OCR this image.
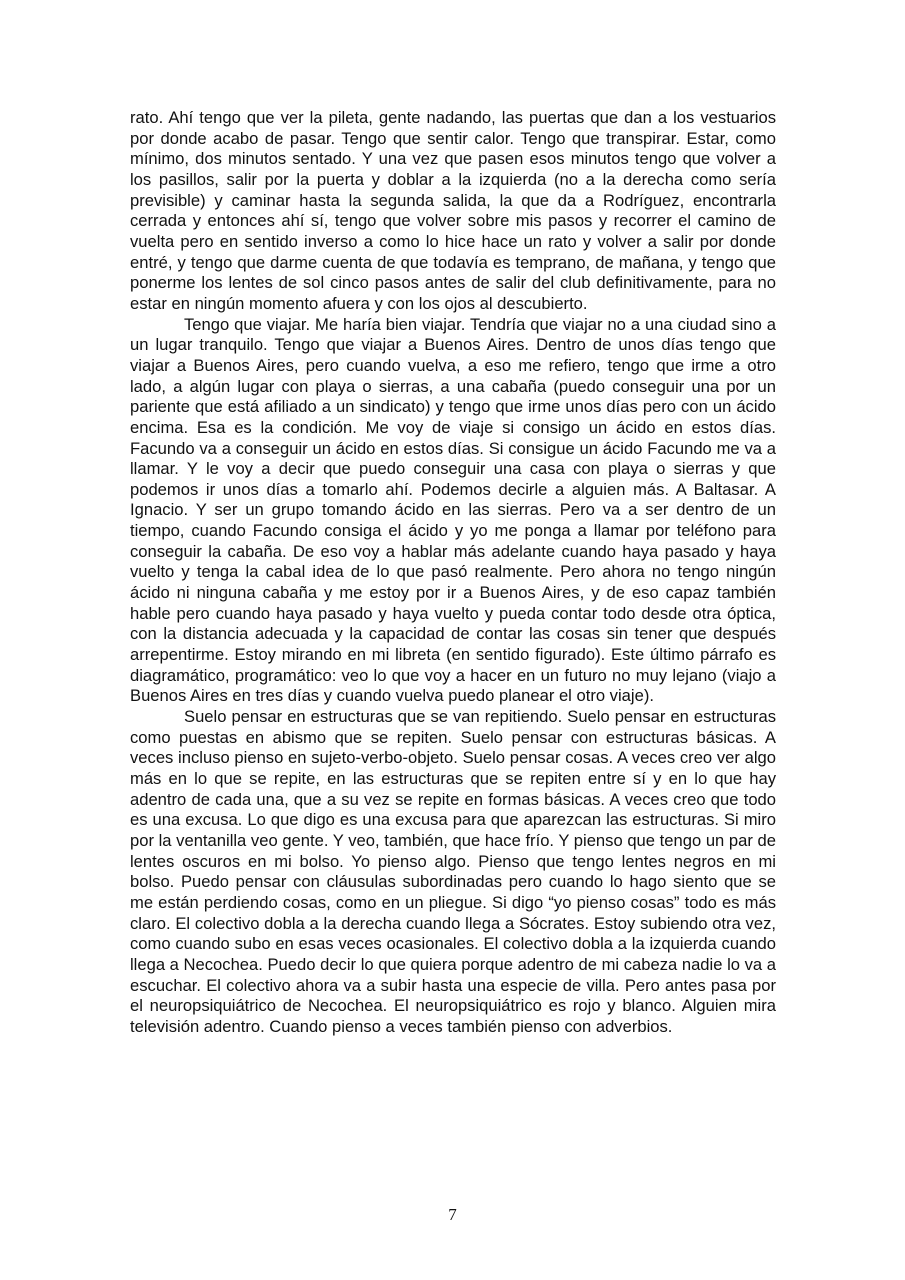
rato. Ahí tengo que ver la pileta, gente nadando, las puertas que dan a los vestuarios por donde acabo de pasar. Tengo que sentir calor. Tengo que transpirar. Estar, como mínimo, dos minutos sentado. Y una vez que pasen esos minutos tengo que volver a los pasillos, salir por la puerta y doblar a la izquierda (no a la derecha como sería previsible) y caminar hasta la segunda salida, la que da a Rodríguez, encontrarla cerrada y entonces ahí sí, tengo que volver sobre mis pasos y recorrer el camino de vuelta pero en sentido inverso a como lo hice hace un rato y volver a salir por donde entré, y tengo que darme cuenta de que todavía es temprano, de mañana, y tengo que ponerme los lentes de sol cinco pasos antes de salir del club definitivamente, para no estar en ningún momento afuera y con los ojos al descubierto.

Tengo que viajar. Me haría bien viajar. Tendría que viajar no a una ciudad sino a un lugar tranquilo. Tengo que viajar a Buenos Aires. Dentro de unos días tengo que viajar a Buenos Aires, pero cuando vuelva, a eso me refiero, tengo que irme a otro lado, a algún lugar con playa o sierras, a una cabaña (puedo conseguir una por un pariente que está afiliado a un sindicato) y tengo que irme unos días pero con un ácido encima. Esa es la condición. Me voy de viaje si consigo un ácido en estos días. Facundo va a conseguir un ácido en estos días. Si consigue un ácido Facundo me va a llamar. Y le voy a decir que puedo conseguir una casa con playa o sierras y que podemos ir unos días a tomarlo ahí. Podemos decirle a alguien más. A Baltasar. A Ignacio. Y ser un grupo tomando ácido en las sierras. Pero va a ser dentro de un tiempo, cuando Facundo consiga el ácido y yo me ponga a llamar por teléfono para conseguir la cabaña. De eso voy a hablar más adelante cuando haya pasado y haya vuelto y tenga la cabal idea de lo que pasó realmente. Pero ahora no tengo ningún ácido ni ninguna cabaña y me estoy por ir a Buenos Aires, y de eso capaz también hable pero cuando haya pasado y haya vuelto y pueda contar todo desde otra óptica, con la distancia adecuada y la capacidad de contar las cosas sin tener que después arrepentirme. Estoy mirando en mi libreta (en sentido figurado). Este último párrafo es diagramático, programático: veo lo que voy a hacer en un futuro no muy lejano (viajo a Buenos Aires en tres días y cuando vuelva puedo planear el otro viaje).

Suelo pensar en estructuras que se van repitiendo. Suelo pensar en estructuras como puestas en abismo que se repiten. Suelo pensar con estructuras básicas. A veces incluso pienso en sujeto-verbo-objeto. Suelo pensar cosas. A veces creo ver algo más en lo que se repite, en las estructuras que se repiten entre sí y en lo que hay adentro de cada una, que a su vez se repite en formas básicas. A veces creo que todo es una excusa. Lo que digo es una excusa para que aparezcan las estructuras. Si miro por la ventanilla veo gente. Y veo, también, que hace frío. Y pienso que tengo un par de lentes oscuros en mi bolso. Yo pienso algo. Pienso que tengo lentes negros en mi bolso. Puedo pensar con cláusulas subordinadas pero cuando lo hago siento que se me están perdiendo cosas, como en un pliegue. Si digo “yo pienso cosas” todo es más claro. El colectivo dobla a la derecha cuando llega a Sócrates. Estoy subiendo otra vez, como cuando subo en esas veces ocasionales. El colectivo dobla a la izquierda cuando llega a Necochea. Puedo decir lo que quiera porque adentro de mi cabeza nadie lo va a escuchar. El colectivo ahora va a subir hasta una especie de villa. Pero antes pasa por el neuropsiquiátrico de Necochea. El neuropsiquiátrico es rojo y blanco. Alguien mira televisión adentro. Cuando pienso a veces también pienso con adverbios.

7
